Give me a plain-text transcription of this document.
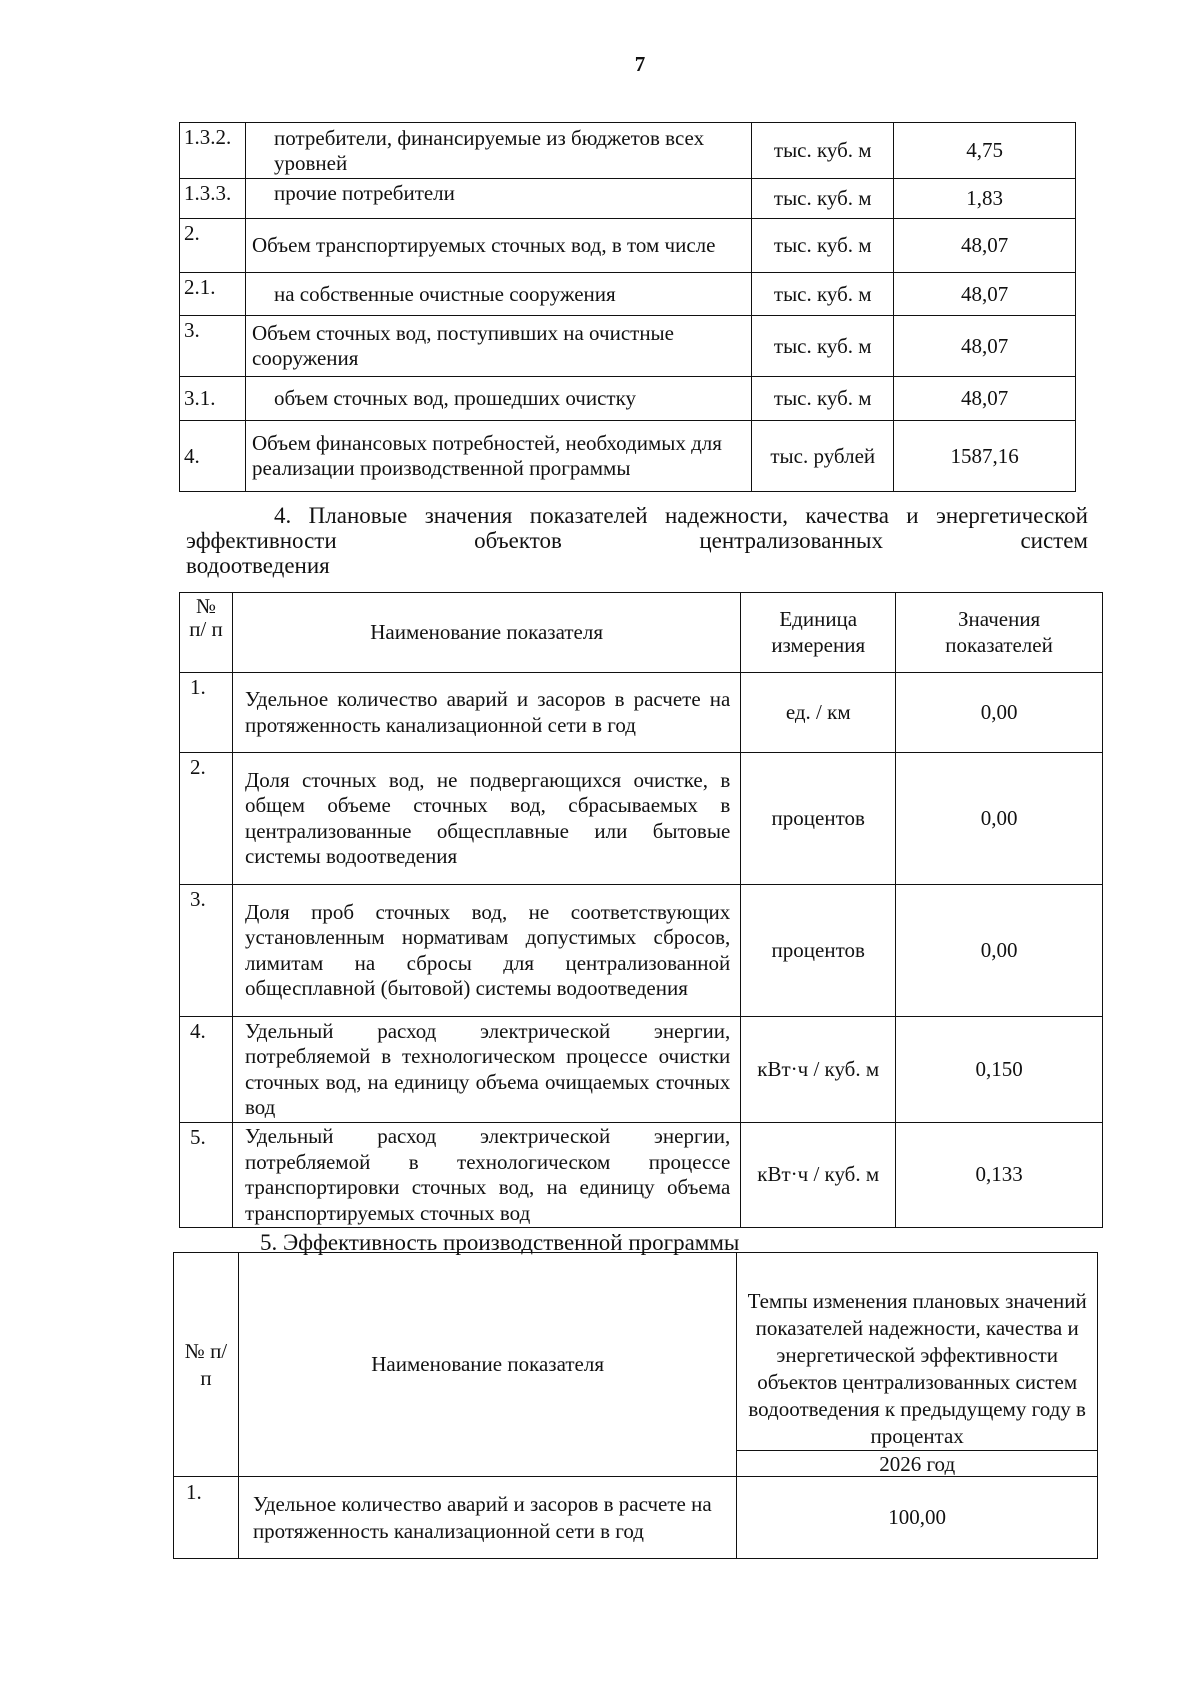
7
1.3.2.	потребители, финансируемые из бюджетов всех уровней	тыс. куб. м	4,75
1.3.3.	прочие потребители	тыс. куб. м	1,83
2.	Объем транспортируемых сточных вод, в том числе	тыс. куб. м	48,07
2.1.	на собственные очистные сооружения	тыс. куб. м	48,07
3.	Объем сточных вод, поступивших на очистные сооружения	тыс. куб. м	48,07
3.1.	объем сточных вод, прошедших очистку	тыс. куб. м	48,07
4.	Объем финансовых потребностей, необходимых для реализации производственной программы	тыс. рублей	1587,16
4. Плановые значения показателей надежности, качества и энергетической эффективности объектов централизованных систем
водоотведения
№ п/ п	Наименование показателя	Единица измерения	Значения показателей
1.	Удельное количество аварий и засоров в расчете на протяженность канализационной сети в год	ед. / км	0,00
2.	Доля сточных вод, не подвергающихся очистке, в общем объеме сточных вод, сбрасываемых в централизованные общесплавные или бытовые системы водоотведения	процентов	0,00
3.	Доля проб сточных вод, не соответствующих установленным нормативам допустимых сбросов, лимитам на сбросы для централизованной общесплавной (бытовой) системы водоотведения	процентов	0,00
4.	Удельный расход электрической энергии, потребляемой в технологическом процессе очистки сточных вод, на единицу объема очищаемых сточных вод	кВт·ч / куб. м	0,150
5.	Удельный расход электрической энергии, потребляемой в технологическом процессе транспортировки сточных вод, на единицу объема транспортируемых сточных вод	кВт·ч / куб. м	0,133
5. Эффективность производственной программы
№ п/п	Наименование показателя	Темпы изменения плановых значений показателей надежности, качества и энергетической эффективности объектов централизованных систем водоотведения к предыдущему году в процентах
		2026 год
1.	Удельное количество аварий и засоров в расчете на протяженность канализационной сети в год	100,00
